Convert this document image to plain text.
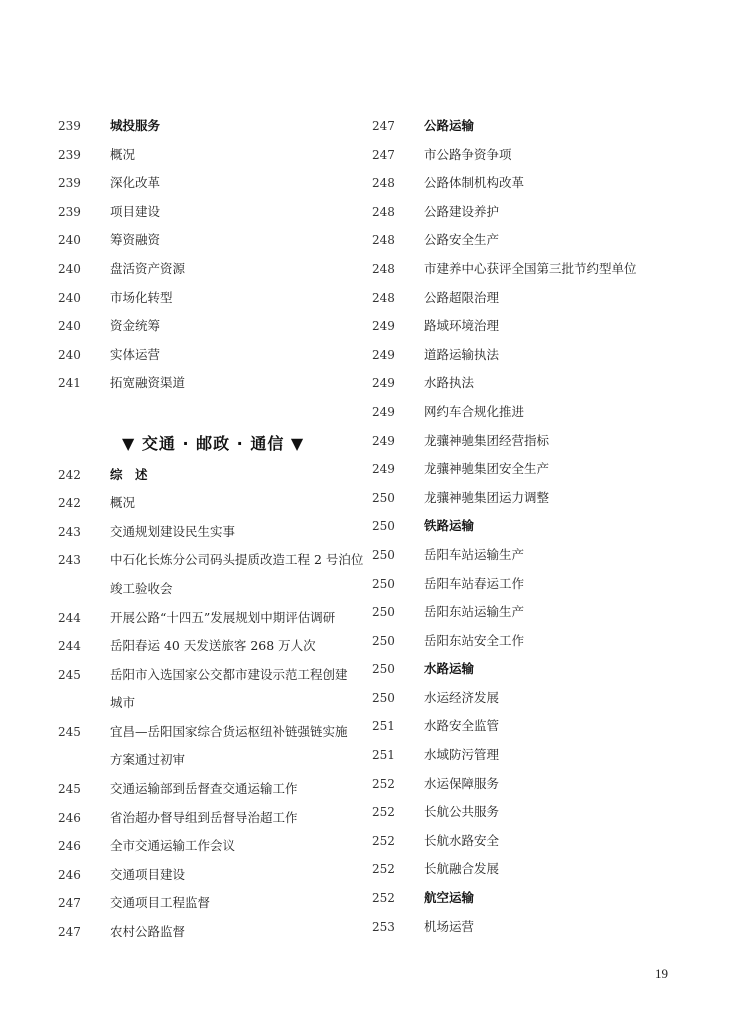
239	城投服务
239	概况
239	深化改革
239	项目建设
240	筹资融资
240	盘活资产资源
240	市场化转型
240	资金统筹
240	实体运营
241	拓宽融资渠道
▼ 交通 · 邮政 · 通信 ▼
242	综　述
242	概况
243	交通规划建设民生实事
243	中石化长炼分公司码头提质改造工程 2 号泊位
竣工验收会
244	开展公路“十四五”发展规划中期评估调研
244	岳阳春运 40 天发送旅客 268 万人次
245	岳阳市入选国家公交都市建设示范工程创建
城市
245	宜昌—岳阳国家综合货运枢纽补链强链实施
方案通过初审
245	交通运输部到岳督查交通运输工作
246	省治超办督导组到岳督导治超工作
246	全市交通运输工作会议
246	交通项目建设
247	交通项目工程监督
247	农村公路监督
247	公路运输
247	市公路争资争项
248	公路体制机构改革
248	公路建设养护
248	公路安全生产
248	市建养中心获评全国第三批节约型单位
248	公路超限治理
249	路域环境治理
249	道路运输执法
249	水路执法
249	网约车合规化推进
249	龙骧神驰集团经营指标
249	龙骧神驰集团安全生产
250	龙骧神驰集团运力调整
250	铁路运输
250	岳阳车站运输生产
250	岳阳车站春运工作
250	岳阳东站运输生产
250	岳阳东站安全工作
250	水路运输
250	水运经济发展
251	水路安全监管
251	水域防污管理
252	水运保障服务
252	长航公共服务
252	长航水路安全
252	长航融合发展
252	航空运输
253	机场运营
19
